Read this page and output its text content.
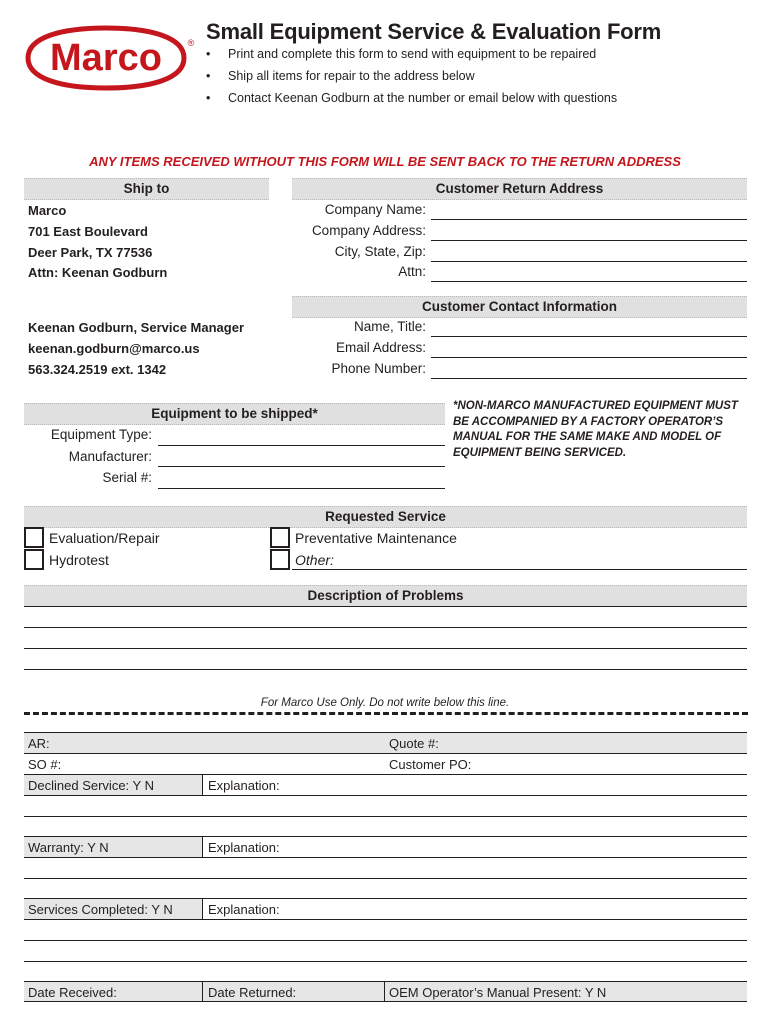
Marco	® Small Equipment Service & Evaluation Form
• Print and complete this form to send with equipment to be repaired
• Ship all items for repair to the address below
• Contact Keenan Godburn at the number or email below with questions
ANY ITEMS RECEIVED WITHOUT THIS FORM WILL BE SENT BACK TO THE RETURN ADDRESS
Ship to	Customer Return Address
Marco
701 East Boulevard
Deer Park, TX 77536
Attn: Keenan Godburn
Company Name:
Company Address:
City, State, Zip:
Attn:
Customer Contact Information
Keenan Godburn, Service Manager
keenan.godburn@marco.us
563.324.2519 ext. 1342
Name, Title:
Email Address:
Phone Number:
Equipment to be shipped*
Equipment Type:
Manufacturer:
Serial #:
*NON-MARCO MANUFACTURED EQUIPMENT MUST BE ACCOMPANIED BY A FACTORY OPERATOR’S MANUAL FOR THE SAME MAKE AND MODEL OF EQUIPMENT BEING SERVICED.
Requested Service
Evaluation/Repair
Hydrotest
Preventative Maintenance
Other:
Description of Problems
For Marco Use Only. Do not write below this line.
AR:	Quote #:
SO #:	Customer PO:
Declined Service: Y N	Explanation:
Warranty: Y N	Explanation:
Services Completed: Y N	Explanation:
Date Received:	Date Returned:	OEM Operator’s Manual Present: Y N
